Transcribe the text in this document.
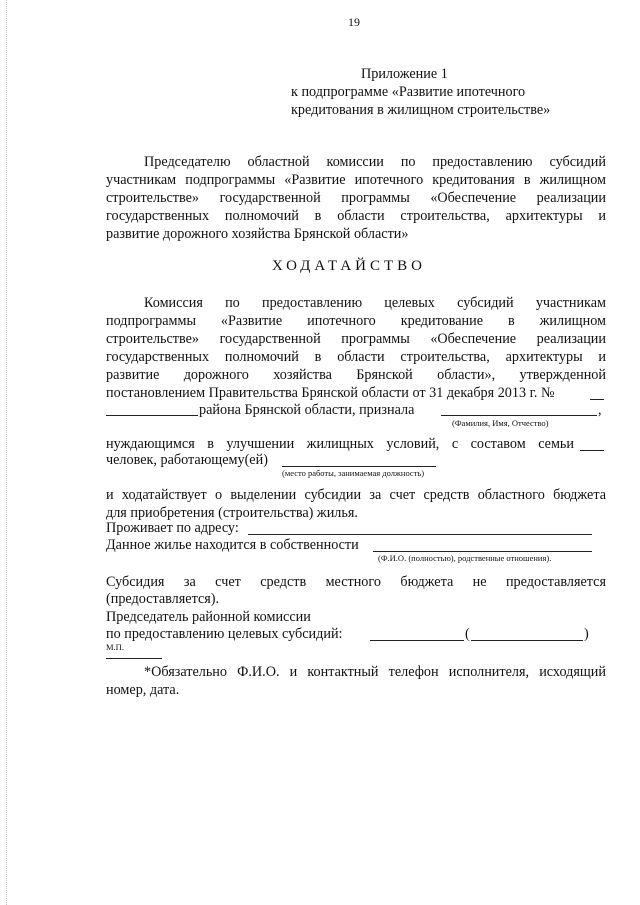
19
Приложение 1
к подпрограмме «Развитие ипотечного
кредитования в жилищном строительстве»
Председателю областной комиссии по предоставлению субсидий
участникам подпрограммы «Развитие ипотечного кредитования в жилищном
строительстве» государственной программы «Обеспечение реализации
государственных полномочий в области строительства, архитектуры и
развитие дорожного хозяйства Брянской области»
ХОДАТАЙСТВО
Комиссия по предоставлению целевых субсидий участникам
подпрограммы «Развитие ипотечного кредитование в жилищном
строительстве» государственной программы «Обеспечение реализации
государственных полномочий в области строительства, архитектуры и
развитие дорожного хозяйства Брянской области», утвержденной
постановлением Правительства Брянской области от 31 декабря 2013 г. №
района Брянской области, признала	,
(Фамилия, Имя, Отчество)
нуждающимся в улучшении жилищных условий, с составом семьи
человек, работающему(ей)
(место работы, занимаемая должность)
и ходатайствует о выделении субсидии за счет средств областного бюджета
для приобретения (строительства) жилья.
Проживает по адресу:
Данное жилье находится в собственности
(Ф.И.О. (полностью), родственные отношения).
Субсидия за счет средств местного бюджета не предоставляется
(предоставляется).
Председатель районной комиссии
по предоставлению целевых субсидий:	(	)
М.П.
*Обязательно Ф.И.О. и контактный телефон исполнителя, исходящий
номер, дата.
